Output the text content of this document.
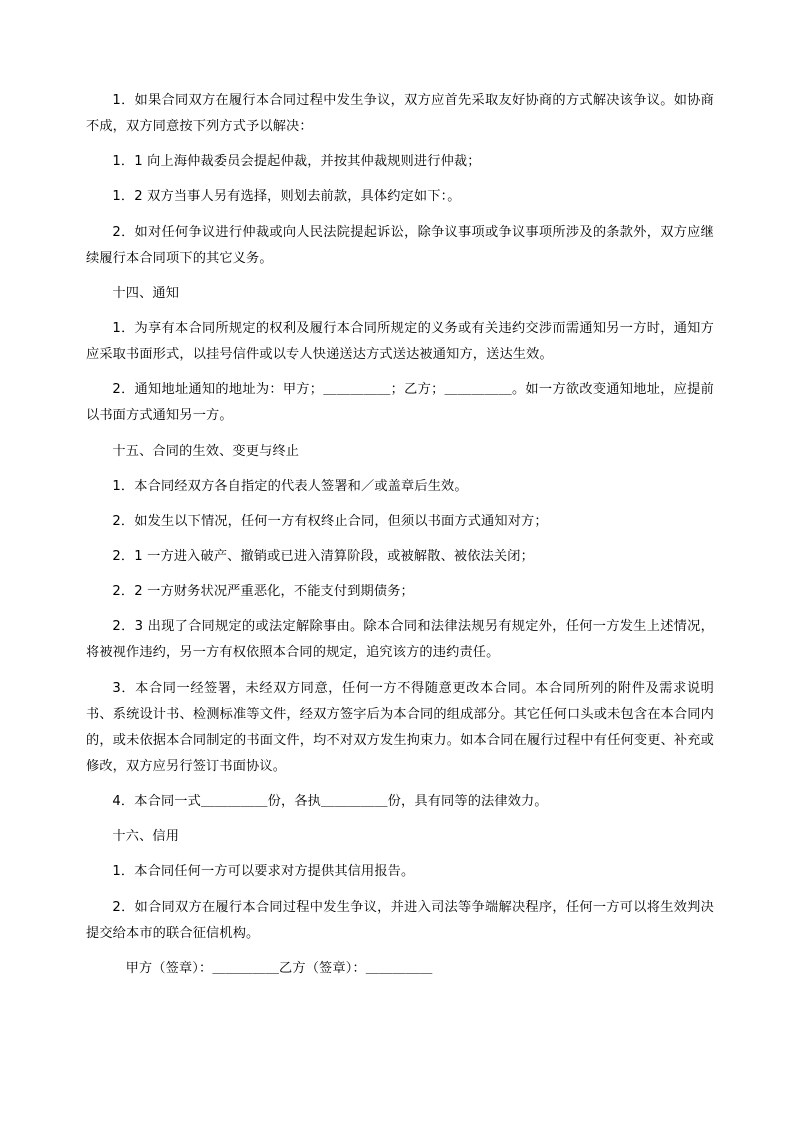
1．如果合同双方在履行本合同过程中发生争议，双方应首先采取友好协商的方式解决该争议。如协商不成，双方同意按下列方式予以解决：

1．1 向上海仲裁委员会提起仲裁，并按其仲裁规则进行仲裁；

1．2 双方当事人另有选择，则划去前款，具体约定如下：。

2．如对任何争议进行仲裁或向人民法院提起诉讼，除争议事项或争议事项所涉及的条款外，双方应继续履行本合同项下的其它义务。

十四、通知

1．为享有本合同所规定的权利及履行本合同所规定的义务或有关违约交涉而需通知另一方时，通知方应采取书面形式，以挂号信件或以专人快递送达方式送达被通知方，送达生效。

2．通知地址通知的地址为：甲方；＿＿＿＿＿；乙方；＿＿＿＿＿。如一方欲改变通知地址，应提前以书面方式通知另一方。

十五、合同的生效、变更与终止

1．本合同经双方各自指定的代表人签署和／或盖章后生效。

2．如发生以下情况，任何一方有权终止合同，但须以书面方式通知对方；

2．1 一方进入破产、撤销或已进入清算阶段，或被解散、被依法关闭；

2．2 一方财务状况严重恶化，不能支付到期债务；

2．3 出现了合同规定的或法定解除事由。除本合同和法律法规另有规定外，任何一方发生上述情况，将被视作违约，另一方有权依照本合同的规定，追究该方的违约责任。

3．本合同一经签署，未经双方同意，任何一方不得随意更改本合同。本合同所列的附件及需求说明书、系统设计书、检测标准等文件，经双方签字后为本合同的组成部分。其它任何口头或未包含在本合同内的，或未依据本合同制定的书面文件，均不对双方发生拘束力。如本合同在履行过程中有任何变更、补充或修改，双方应另行签订书面协议。

4．本合同一式＿＿＿＿＿份，各执＿＿＿＿＿份，具有同等的法律效力。

十六、信用

1．本合同任何一方可以要求对方提供其信用报告。

2．如合同双方在履行本合同过程中发生争议，并进入司法等争端解决程序，任何一方可以将生效判决提交给本市的联合征信机构。

甲方（签章）：＿＿＿＿＿乙方（签章）：＿＿＿＿＿
